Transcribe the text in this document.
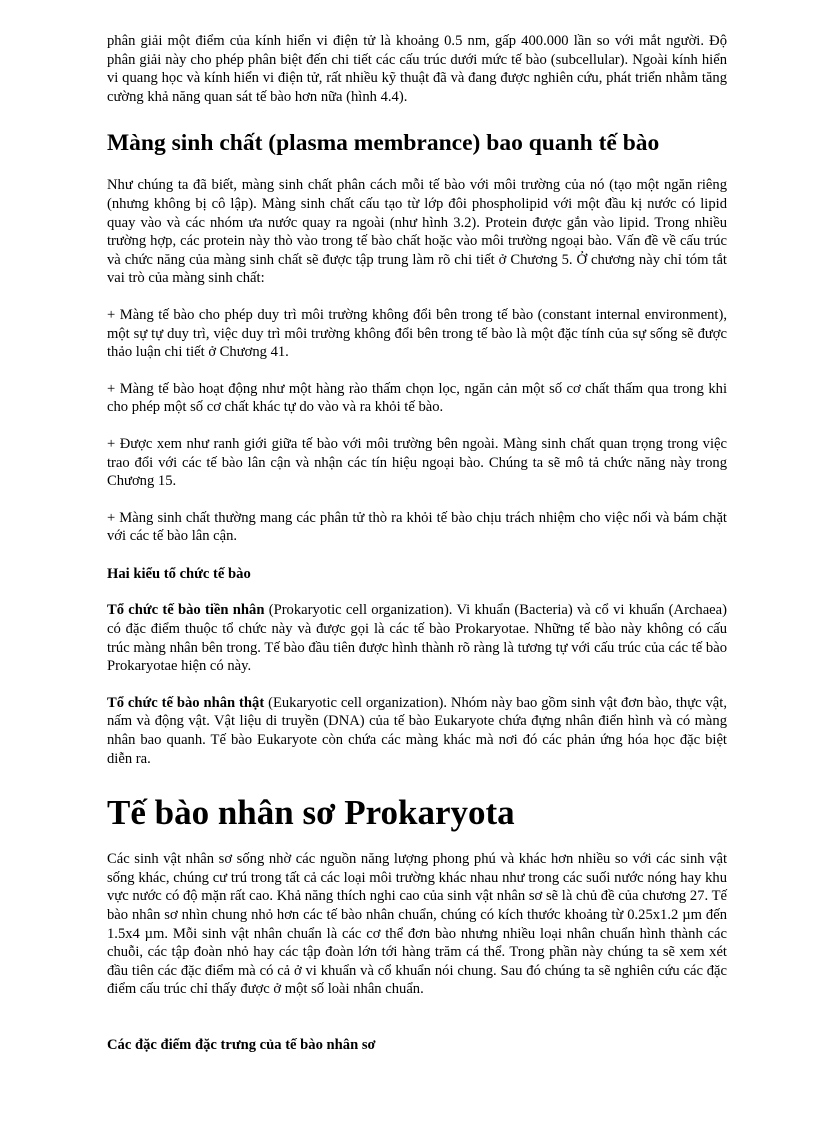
phân giải một điểm của kính hiển vi điện tử là khoảng 0.5 nm, gấp 400.000 lần so với mắt người. Độ phân giải này cho phép phân biệt đến chi tiết các cấu trúc dưới mức tế bào (subcellular). Ngoài kính hiển vi quang học và kính hiển vi điện tử, rất nhiều kỹ thuật đã và đang được nghiên cứu, phát triển nhằm tăng cường khả năng quan sát tế bào hơn nữa (hình 4.4).

Màng sinh chất (plasma membrance) bao quanh tế bào

Như chúng ta đã biết, màng sinh chất phân cách mỗi tế bào với môi trường của nó (tạo một ngăn riêng (nhưng không bị cô lập). Màng sinh chất cấu tạo từ lớp đôi phospholipid với một đầu kị nước có lipid quay vào và các nhóm ưa nước quay ra ngoài (như hình 3.2). Protein được gắn vào lipid. Trong nhiều trường hợp, các protein này thò vào trong tế bào chất hoặc vào môi trường ngoại bào. Vấn đề về cấu trúc và chức năng của màng sinh chất sẽ được tập trung làm rõ chi tiết ở Chương 5. Ở chương này chỉ tóm tắt vai trò của màng sinh chất:

+ Màng tế bào cho phép duy trì môi trường không đổi bên trong tế bào (constant internal environment), một sự tự duy trì, việc duy trì môi trường không đổi bên trong tế bào là một đặc tính của sự sống sẽ được thảo luận chi tiết ở Chương 41.

+ Màng tế bào hoạt động như một hàng rào thấm chọn lọc, ngăn cản một số cơ chất thấm qua trong khi cho phép một số cơ chất khác tự do vào và ra khỏi tế bào.

+ Được xem như ranh giới giữa tế bào với môi trường bên ngoài. Màng sinh chất quan trọng trong việc trao đổi với các tế bào lân cận và nhận các tín hiệu ngoại bào. Chúng ta sẽ mô tả chức năng này trong Chương 15.

+ Màng sinh chất thường mang các phân tử thò ra khỏi tế bào chịu trách nhiệm cho việc nối và bám chặt với các tế bào lân cận.

Hai kiểu tổ chức tế bào

Tổ chức tế bào tiền nhân (Prokaryotic cell organization). Vi khuẩn (Bacteria) và cổ vi khuẩn (Archaea) có đặc điểm thuộc tổ chức này và được gọi là các tế bào Prokaryotae. Những tế bào này không có cấu trúc màng nhân bên trong. Tế bào đầu tiên được hình thành rõ ràng là tương tự với cấu trúc của các tế bào Prokaryotae hiện có này.

Tổ chức tế bào nhân thật (Eukaryotic cell organization). Nhóm này bao gồm sinh vật đơn bào, thực vật, nấm và động vật. Vật liệu di truyền (DNA) của tế bào Eukaryote chứa đựng nhân điển hình và có màng nhân bao quanh. Tế bào Eukaryote còn chứa các màng khác mà nơi đó các phản ứng hóa học đặc biệt diễn ra.

Tế bào nhân sơ Prokaryota

Các sinh vật nhân sơ sống nhờ các nguồn năng lượng phong phú và khác hơn nhiều so với các sinh vật sống khác, chúng cư trú trong tất cả các loại môi trường khác nhau như trong các suối nước nóng hay khu vực nước có độ mặn rất cao. Khả năng thích nghi cao của sinh vật nhân sơ sẽ là chủ đề của chương 27. Tế bào nhân sơ nhìn chung nhỏ hơn các tế bào nhân chuẩn, chúng có kích thước khoảng từ 0.25x1.2 µm đến 1.5x4 µm. Mỗi sinh vật nhân chuẩn là các cơ thể đơn bào nhưng nhiều loại nhân chuẩn hình thành các chuỗi, các tập đoàn nhỏ hay các tập đoàn lớn tới hàng trăm cá thể. Trong phần này chúng ta sẽ xem xét đầu tiên các đặc điểm mà có cả ở vi khuẩn và cổ khuẩn nói chung. Sau đó chúng ta sẽ nghiên cứu các đặc điểm cấu trúc chỉ thấy được ở một số loài nhân chuẩn.

Các đặc điểm đặc trưng của tế bào nhân sơ
